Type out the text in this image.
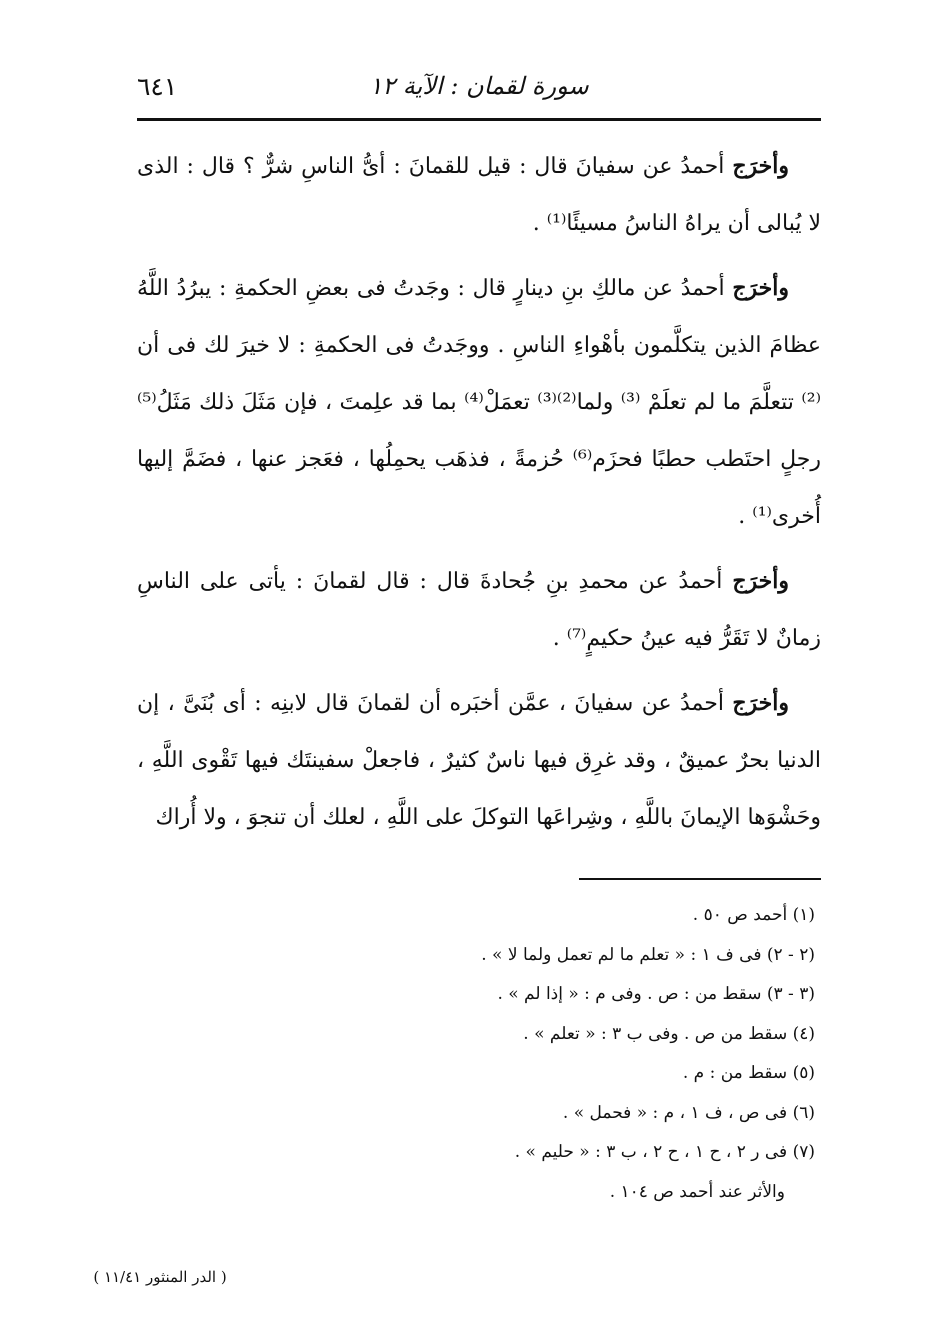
٦٤١	سورة لقمان : الآية ١٢

وأخرَج أحمدُ عن سفيانَ قال : قيل للقمانَ : أىُّ الناسِ شرٌّ ؟ قال : الذى لا يُبالى أن يراهُ الناسُ مسيئًا⁽¹⁾ .

وأخرَج أحمدُ عن مالكِ بنِ دينارٍ قال : وجَدتُ فى بعضِ الحكمةِ : يبرُدُ اللَّهُ عظامَ الذين يتكلَّمون بأهْواءِ الناسِ . ووجَدتُ فى الحكمةِ : لا خيرَ لك فى أن ⁽²⁾ تتعلَّمَ ما لم تعلَمْ ⁽³⁾ ولما⁽²⁾⁽³⁾ تعمَلْ⁽⁴⁾ بما قد علِمتَ ، فإن مَثَلَ ذلك مَثَلُ⁽⁵⁾ رجلٍ احتَطب حطبًا فحزَم⁽⁶⁾ حُزمةً ، فذهَب يحمِلُها ، فعَجز عنها ، فضَمَّ إليها أُخرى⁽¹⁾ .

وأخرَج أحمدُ عن محمدِ بنِ جُحادةَ قال : قال لقمانَ : يأتى على الناسِ زمانٌ لا تَقَرُّ فيه عينُ حكيمٍ⁽⁷⁾ .

وأخرَج أحمدُ عن سفيانَ ، عمَّن أخبَره أن لقمانَ قال لابنِه : أى بُنَىَّ ، إن الدنيا بحرٌ عميقٌ ، وقد غرِق فيها ناسٌ كثيرٌ ، فاجعلْ سفينتَك فيها تَقْوى اللَّهِ ، وحَشْوَها الإيمانَ باللَّهِ ، وشِراعَها التوكلَ على اللَّهِ ، لعلك أن تنجوَ ، ولا أُراك

(١) أحمد ص ٥٠ .

(٢ - ٢) فى ف ١ : « تعلم ما لم تعمل ولما لا » .

(٣ - ٣) سقط من : ص . وفى م : « إذا لم » .

(٤) سقط من ص . وفى ب ٣ : « تعلم » .

(٥) سقط من : م .

(٦) فى ص ، ف ١ ، م : « فحمل » .

(٧) فى ر ٢ ، ح ١ ، ح ٢ ، ب ٣ : « حليم » .

والأثر عند أحمد ص ١٠٤ .

( الدر المنثور ١١/٤١ )
